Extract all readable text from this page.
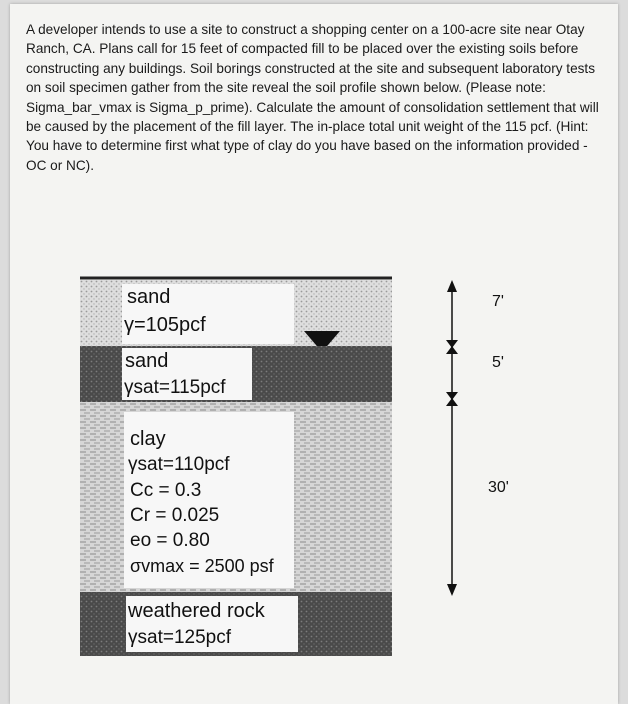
A developer intends to use a site to construct a shopping center on a 100-acre site near Otay Ranch, CA. Plans call for 15 feet of compacted fill to be placed over the existing soils before constructing any buildings. Soil borings constructed at the site and subsequent laboratory tests on soil specimen gather from the site reveal the soil profile shown below. (Please note: Sigma_bar_vmax is Sigma_p_prime). Calculate the amount of consolidation settlement that will be caused by the placement of the fill layer. The in-place total unit weight of the 115 pcf. (Hint: You have to determine first what type of clay do you have based on the information provided - OC or NC).

sand
γ=105pcf
sand
γsat=115pcf
clay
γsat=110pcf
Cc = 0.3
Cr = 0.025
eo = 0.80
σvmax = 2500 psf
weathered rock
γsat=125pcf
7'
5'
30'
